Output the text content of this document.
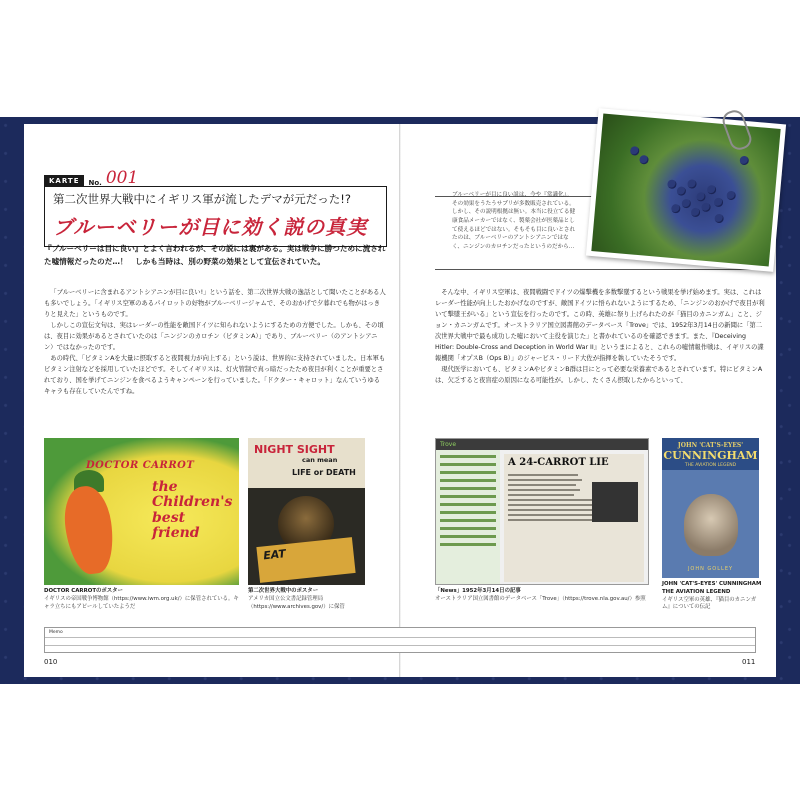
KARTE	No. 001
第二次世界大戦中にイギリス軍が流したデマが元だった!?
ブルーベリーが目に効く説の真実
『ブルーベリーは目に良い』とよく言われるが、その説には裏がある。実は戦争に勝つために流された嘘情報だったのだ…！　しかも当時は、別の野菜の効果として宣伝されていた。

「ブルーベリーに含まれるアントシアニンが目に良い!」という話を、第二次世界大戦の逸話として聞いたことがある人も多いでしょう。「イギリス空軍のあるパイロットの好物がブルーベリージャムで、そのおかげで夕暮れでも物がはっきりと見えた」というものです。

しかしこの宣伝文句は、実はレーダーの性能を敵国ドイツに知られないようにするための方便でした。しかも、その頃は、夜目に効果があるとされていたのは「ニンジンのカロチン（ビタミンA）」であり、ブルーベリー（のアントシアニン）ではなかったのです。

あの時代、「ビタミンAを大量に摂取すると夜間視力が向上する」という説は、世界的に支持されていました。日本軍もビタミン注射などを採用していたほどです。そしてイギリスは、灯火管制で真っ暗だったため夜目が利くことが重要とされており、国を挙げてニンジンを食べるようキャンペーンを行っていました。「ドクター・キャロット」なんていうゆるキャラも存在していたんですね。

DOCTOR CARROT
the
Children's
best
friend
DOCTOR CARROTのポスター
イギリスの帝国戦争博物館（https://www.iwm.org.uk/）に保管されている。キャラ立ちにもアピールしていたようだ
NIGHT SIGHT
LIFE or DEATH
can mean
EAT
第二次世界大戦中のポスター
アメリカ国立公文書記録管理局（https://www.archives.gov/）に保管

そんな中、イギリス空軍は、夜間戦闘でドイツの爆撃機を多数撃墜するという戦果を挙げ始めます。実は、これはレーダー性能が向上したおかげなのですが、敵国ドイツに悟られないようにするため、「ニンジンのおかげで夜目が利いて撃墜王がいる」という宣伝を行ったのです。この時、英雄に祭り上げられたのが「猫目のカニンガム」こと、ジョン・カニンガムです。オーストラリア国立図書館のデータベース「Trove」では、1952年3月14日の新聞に「第二次世界大戦中で最も成功した嘘において主役を演じた」と書かれているのを確認できます。また、『Deceiving Hitler: Double-Cross and Deception in World War II』というまによると、これらの嘘情報作戦は、イギリスの諜報機関「オプスB（Ops B）」のジャービス・リード大佐が指揮を執していたそうです。

現代医学においても、ビタミンAやビタミンB群は目にとって必要な栄養素であるとされています。特にビタミンAは、欠乏すると夜盲症の原因になる可能性が。しかし、たくさん摂取したからといって、

Trove
A 24-CARROT LIE
「News」1952年3月14日の記事
オーストラリア国立図書館のデータベース「Trove」（https://trove.nla.gov.au/）参照
JOHN 'CAT'S-EYES'
CUNNINGHAM
THE AVIATION LEGEND
JOHN GOLLEY
JOHN 'CAT'S-EYES' CUNNINGHAM THE AVIATION LEGEND
イギリス空軍の英雄、『猫目のカニンガム』についての伝記
ブルーベリーが目に良い説は、今や『常識化』。その効果をうたうサプリが多数販売されている。しかし、その説明根拠は無い。本当に役立てる健康食品メーカーではなく、製薬会社が医薬品として使えるほどではない。そもそも目に良いとされたのは、ブルーベリーのアントシアニンではなく、ニンジンのカロチンだったというのだから…
Memo
010	011
